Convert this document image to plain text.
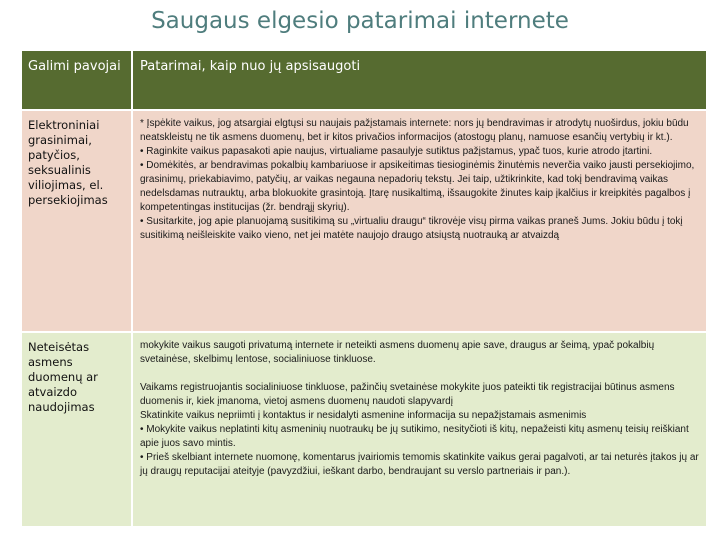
Saugaus elgesio patarimai internete
Galimi pavojai	Patarimai, kaip nuo jų apsisaugoti
Elektroniniai grasinimai, patyčios, seksualinis viliojimas, el. persekiojimas	* Įspėkite vaikus, jog atsargiai elgtųsi su naujais pažįstamais internete: nors jų bendravimas ir atrodytų nuoširdus, jokiu būdu neatskleistų ne tik asmens duomenų, bet ir kitos privačios informacijos (atostogų planų, namuose esančių vertybių ir kt.).

• Raginkite vaikus papasakoti apie naujus, virtualiame pasaulyje sutiktus pažįstamus, ypač tuos, kurie atrodo įtartini.

• Domėkitės, ar bendravimas pokalbių kambariuose ir apsikeitimas tiesioginėmis žinutėmis neverčia vaiko jausti persekiojimo, grasinimų, priekabiavimo, patyčių, ar vaikas negauna nepadorių tekstų. Jei taip, užtikrinkite, kad tokį bendravimą vaikas nedelsdamas nutrauktų, arba blokuokite grasintoją. Įtarę nusikaltimą, išsaugokite žinutes kaip įkalčius ir kreipkitės pagalbos į kompetentingas institucijas (žr. bendrąjį skyrių).

• Susitarkite, jog apie planuojamą susitikimą su „virtualiu draugu“ tikrovėje visų pirma vaikas praneš Jums. Jokiu būdu į tokį susitikimą neišleiskite vaiko vieno, net jei matėte naujojo draugo atsiųstą nuotrauką ar atvaizdą

Neteisėtas asmens duomenų ar atvaizdo naudojimas	mokykite vaikus saugoti privatumą internete ir neteikti asmens duomenų apie save, draugus ar šeimą, ypač pokalbių svetainėse, skelbimų lentose, socialiniuose tinkluose.

Vaikams registruojantis socialiniuose tinkluose, pažinčių svetainėse mokykite juos pateikti tik registracijai būtinus asmens duomenis ir, kiek įmanoma, vietoj asmens duomenų naudoti slapyvardį

Skatinkite vaikus nepriimti į kontaktus ir nesidalyti asmenine informacija su nepažįstamais asmenimis

• Mokykite vaikus neplatinti kitų asmeninių nuotraukų be jų sutikimo, nesityčioti iš kitų, nepažeisti kitų asmenų teisių reiškiant apie juos savo mintis.

• Prieš skelbiant internete nuomonę, komentarus įvairiomis temomis skatinkite vaikus gerai pagalvoti, ar tai neturės įtakos jų ar jų draugų reputacijai ateityje (pavyzdžiui, ieškant darbo, bendraujant su verslo partneriais ir pan.).
